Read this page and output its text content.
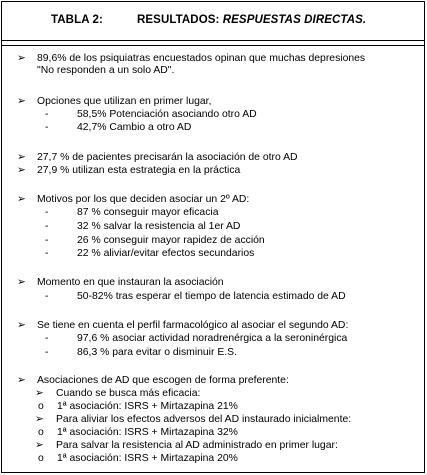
TABLA 2:	RESULTADOS: RESPUESTAS DIRECTAS.
➢ 89,6% de los psiquiatras encuestados opinan que muchas depresiones
"No responden a un solo AD".
➢ Opciones que utilizan en primer lugar,
-	58,5% Potenciación asociando otro AD
-	42,7% Cambio a otro AD
➢ 27,7 % de pacientes precisarán la asociación de otro AD
➢ 27,9 % utilizan esta estrategia en la práctica
➢ Motivos por los que deciden asociar un 2º AD:
-	87 % conseguir mayor eficacia
-	32 % salvar la resistencia al 1er AD
-	26 % conseguir mayor rapidez de acción
-	22 % aliviar/evitar efectos secundarios
➢ Momento en que instauran la asociación
-	50-82% tras esperar el tiempo de latencia estimado de AD
➢ Se tiene en cuenta el perfil farmacológico al asociar el segundo AD:
-	97,6 % asociar actividad noradrenérgica a la seroninérgica
-	86,3 % para evitar o disminuir E.S.
➢ Asociaciones de AD que escogen de forma preferente:
➢ Cuando se busca más eficacia:
o 1ª asociación: ISRS + Mirtazapina 21%
➢ Para aliviar los efectos adversos del AD instaurado inicialmente:
o 1ª asociación: ISRS + Mirtazapina 32%
➢ Para salvar la resistencia al AD administrado en primer lugar:
o 1ª asociación: ISRS + Mirtazapina 20%
